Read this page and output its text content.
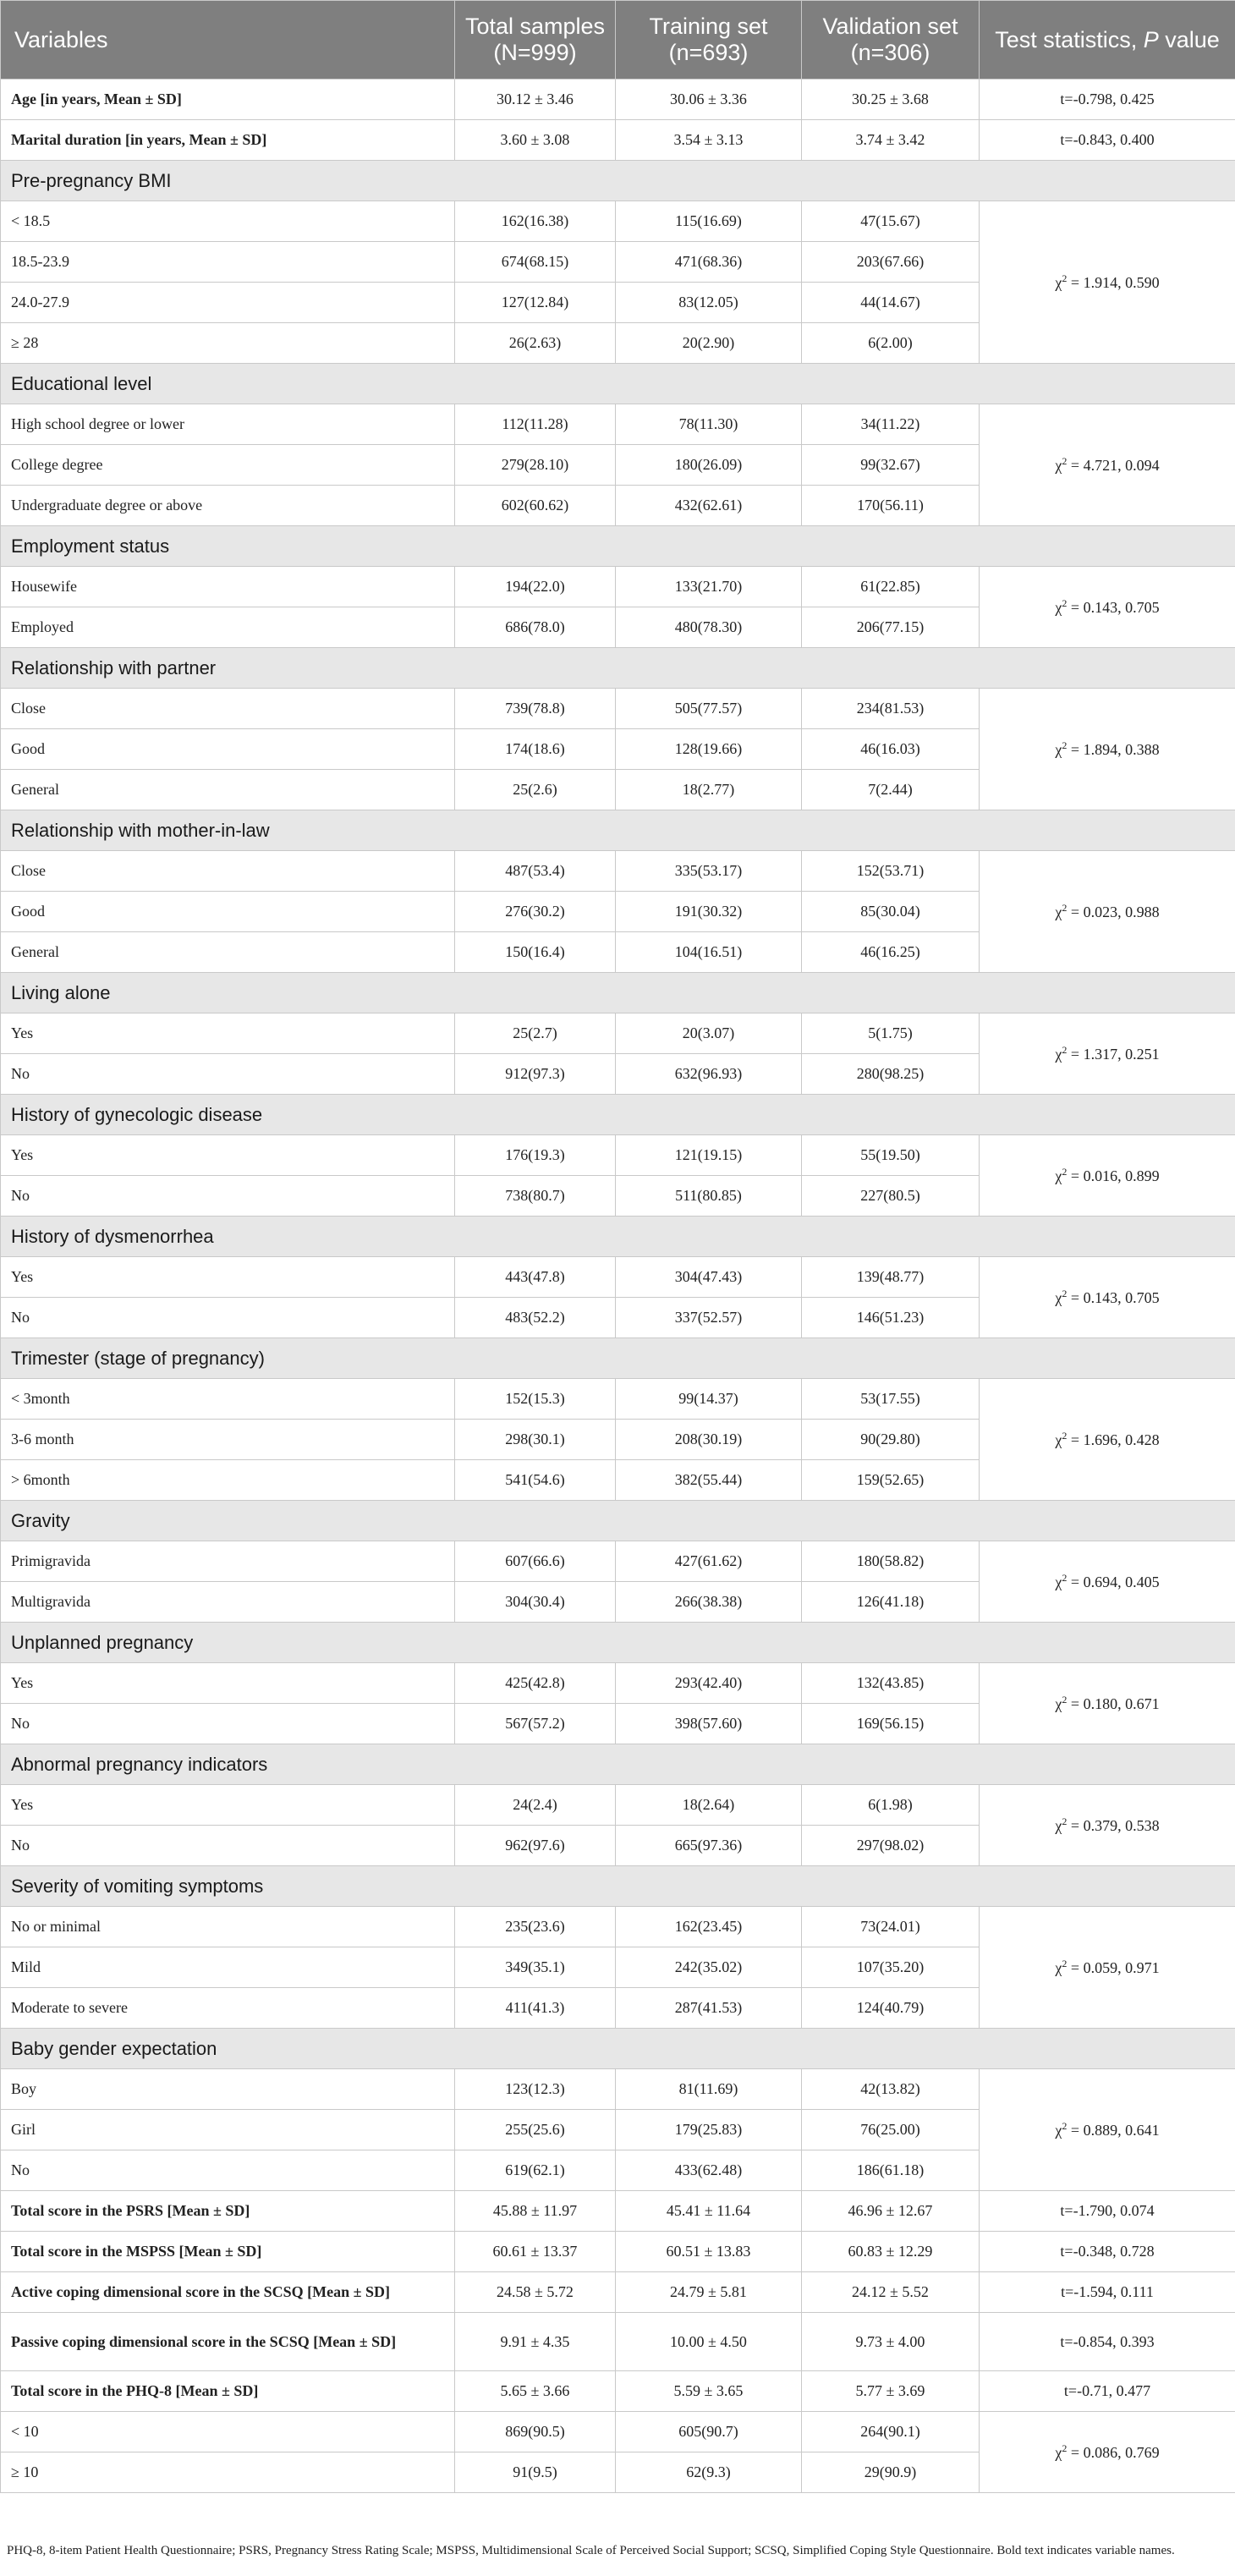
Variables	Total samples (N=999)	Training set (n=693)	Validation set (n=306)	Test statistics, P value
Age [in years, Mean ± SD]	30.12 ± 3.46	30.06 ± 3.36	30.25 ± 3.68	t=-0.798, 0.425
Marital duration [in years, Mean ± SD]	3.60 ± 3.08	3.54 ± 3.13	3.74 ± 3.42	t=-0.843, 0.400
Pre-pregnancy BMI				
< 18.5	162(16.38)	115(16.69)	47(15.67)	$\chi^2 = 1.914$, 0.590
18.5-23.9	674(68.15)	471(68.36)	203(67.66)	
24.0-27.9	127(12.84)	83(12.05)	44(14.67)	
≥ 28	26(2.63)	20(2.90)	6(2.00)	
Educational level				
High school degree or lower	112(11.28)	78(11.30)	34(11.22)	$\chi^2 = 4.721$, 0.094
College degree	279(28.10)	180(26.09)	99(32.67)	
Undergraduate degree or above	602(60.62)	432(62.61)	170(56.11)	
Employment status				
Housewife	194(22.0)	133(21.70)	61(22.85)	$\chi^2 = 0.143$, 0.705
Employed	686(78.0)	480(78.30)	206(77.15)	
Relationship with partner				
Close	739(78.8)	505(77.57)	234(81.53)	$\chi^2 = 1.894$, 0.388
Good	174(18.6)	128(19.66)	46(16.03)	
General	25(2.6)	18(2.77)	7(2.44)	
Relationship with mother-in-law				
Close	487(53.4)	335(53.17)	152(53.71)	$\chi^2 = 0.023$, 0.988
Good	276(30.2)	191(30.32)	85(30.04)	
General	150(16.4)	104(16.51)	46(16.25)	
Living alone				
Yes	25(2.7)	20(3.07)	5(1.75)	$\chi^2 = 1.317$, 0.251
No	912(97.3)	632(96.93)	280(98.25)	
History of gynecologic disease				
Yes	176(19.3)	121(19.15)	55(19.50)	$\chi^2 = 0.016$, 0.899
No	738(80.7)	511(80.85)	227(80.5)	
History of dysmenorrhea				
Yes	443(47.8)	304(47.43)	139(48.77)	$\chi^2 = 0.143$, 0.705
No	483(52.2)	337(52.57)	146(51.23)	
Trimester (stage of pregnancy)				
< 3month	152(15.3)	99(14.37)	53(17.55)	$\chi^2 = 1.696$, 0.428
3-6 month	298(30.1)	208(30.19)	90(29.80)	
> 6month	541(54.6)	382(55.44)	159(52.65)	
Gravity				
Primigravida	607(66.6)	427(61.62)	180(58.82)	$\chi^2 = 0.694$, 0.405
Multigravida	304(30.4)	266(38.38)	126(41.18)	
Unplanned pregnancy				
Yes	425(42.8)	293(42.40)	132(43.85)	$\chi^2 = 0.180$, 0.671
No	567(57.2)	398(57.60)	169(56.15)	
Abnormal pregnancy indicators				
Yes	24(2.4)	18(2.64)	6(1.98)	$\chi^2 = 0.379$, 0.538
No	962(97.6)	665(97.36)	297(98.02)	
Severity of vomiting symptoms				
No or minimal	235(23.6)	162(23.45)	73(24.01)	$\chi^2 = 0.059$, 0.971
Mild	349(35.1)	242(35.02)	107(35.20)	
Moderate to severe	411(41.3)	287(41.53)	124(40.79)	
Baby gender expectation				
Boy	123(12.3)	81(11.69)	42(13.82)	$\chi^2 = 0.889$, 0.641
Girl	255(25.6)	179(25.83)	76(25.00)	
No	619(62.1)	433(62.48)	186(61.18)	
Total score in the PSRS [Mean ± SD]	45.88 ± 11.97	45.41 ± 11.64	46.96 ± 12.67	t=-1.790, 0.074
Total score in the MSPSS [Mean ± SD]	60.61 ± 13.37	60.51 ± 13.83	60.83 ± 12.29	t=-0.348, 0.728
Active coping dimensional score in the SCSQ [Mean ± SD]	24.58 ± 5.72	24.79 ± 5.81	24.12 ± 5.52	t=-1.594, 0.111
Passive coping dimensional score in the SCSQ [Mean ± SD]	9.91 ± 4.35	10.00 ± 4.50	9.73 ± 4.00	t=-0.854, 0.393
Total score in the PHQ-8 [Mean ± SD]	5.65 ± 3.66	5.59 ± 3.65	5.77 ± 3.69	t=-0.71, 0.477
< 10	869(90.5)	605(90.7)	264(90.1)	$\chi^2 = 0.086$, 0.769
≥ 10	91(9.5)	62(9.3)	29(90.9)	
PHQ-8, 8-item Patient Health Questionnaire; PSRS, Pregnancy Stress Rating Scale; MSPSS, Multidimensional Scale of Perceived Social Support; SCSQ, Simplified Coping Style Questionnaire. Bold text indicates variable names.
